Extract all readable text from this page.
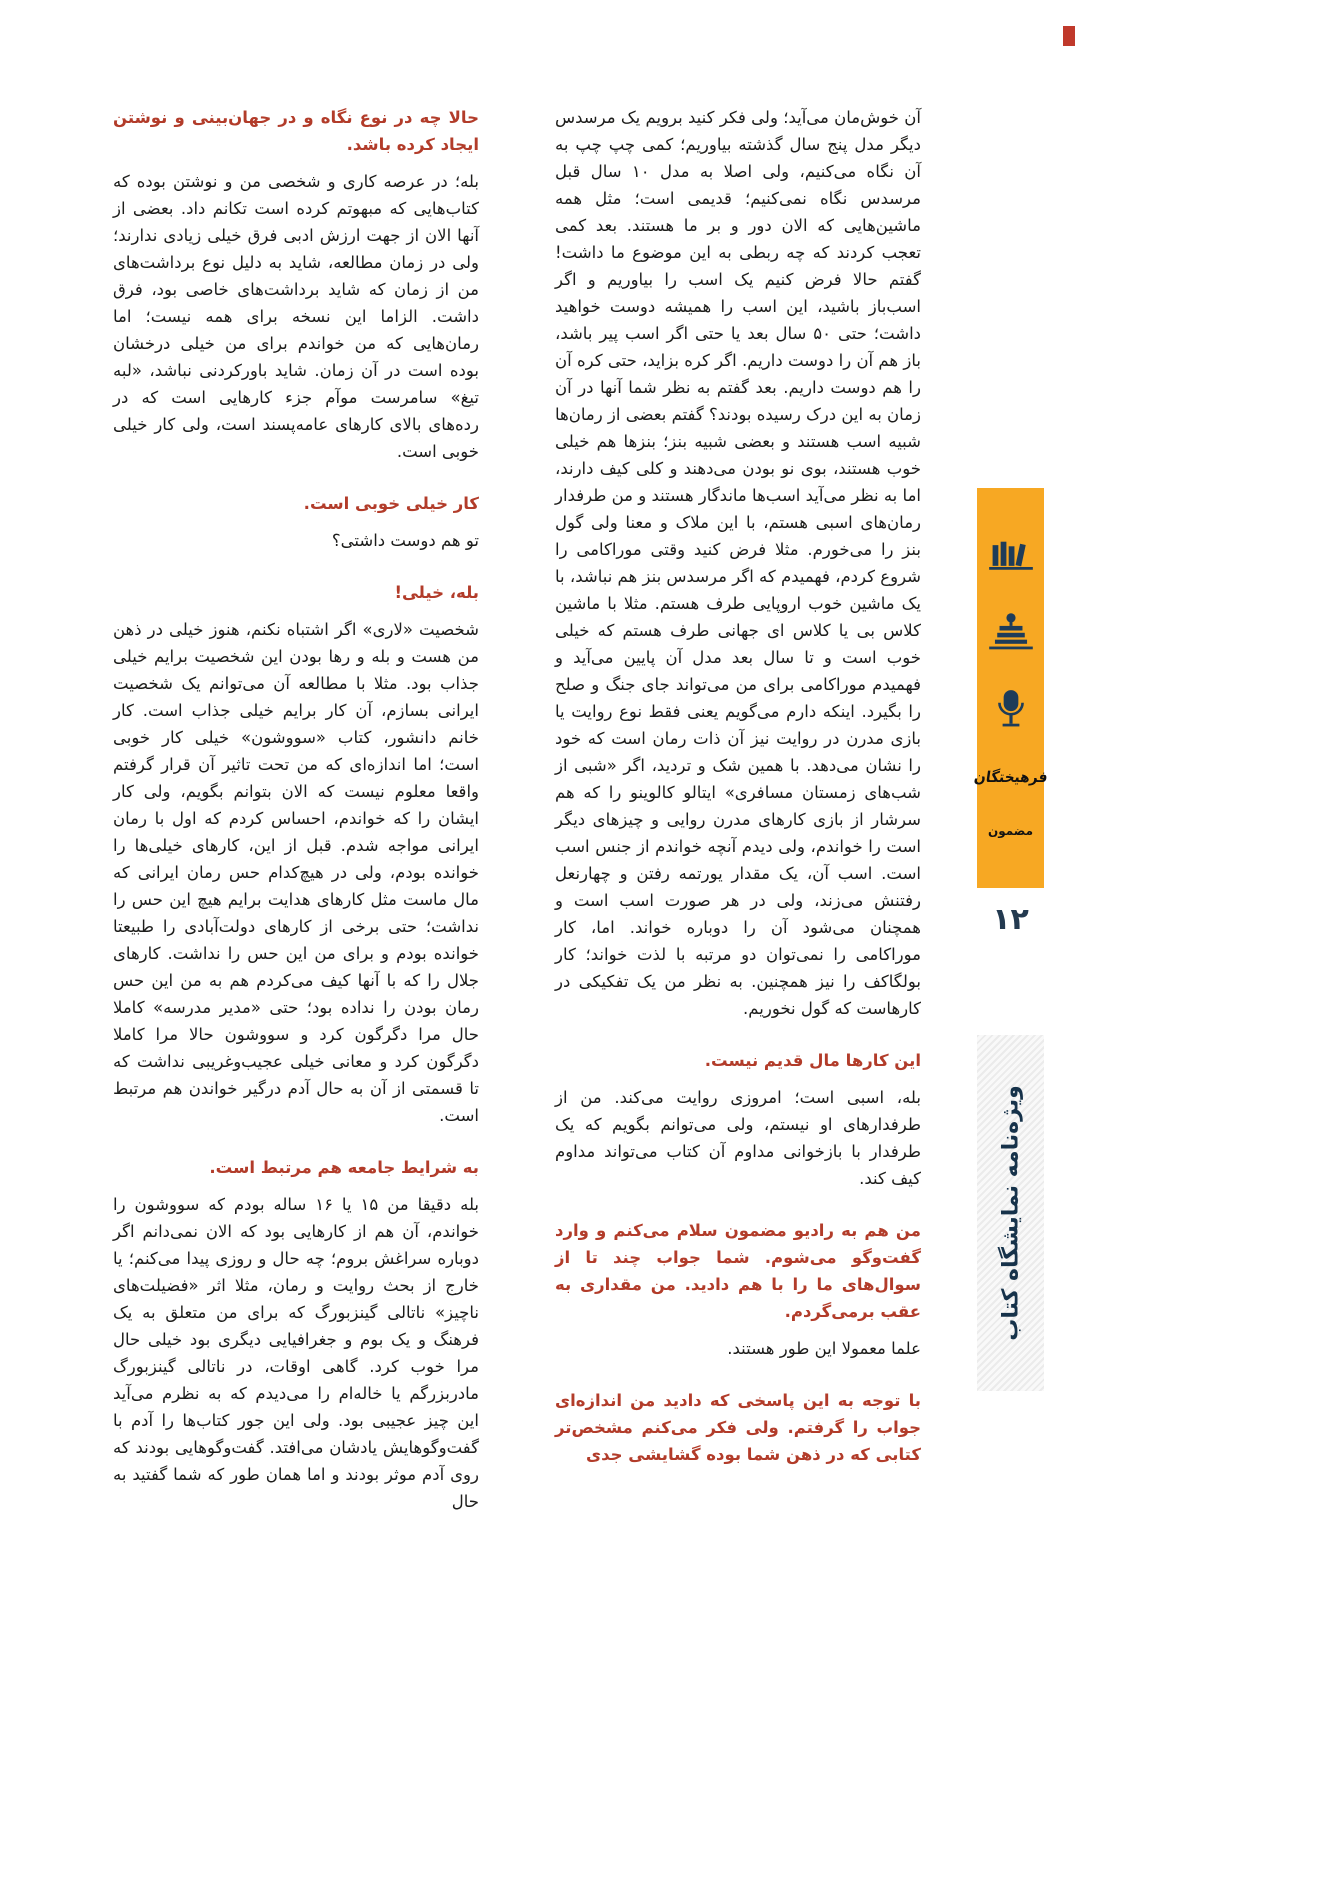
آن خوش‌مان می‌آید؛ ولی فکر کنید برویم یک مرسدس دیگر مدل پنج سال گذشته بیاوریم؛ کمی چپ چپ به آن نگاه می‌کنیم، ولی اصلا به مدل ۱۰ سال قبل مرسدس نگاه نمی‌کنیم؛ قدیمی است؛ مثل همه ماشین‌هایی که الان دور و بر ما هستند. بعد کمی تعجب کردند که چه ربطی به این موضوع ما داشت! گفتم حالا فرض کنیم یک اسب را بیاوریم و اگر اسب‌باز باشید، این اسب را همیشه دوست خواهید داشت؛ حتی ۵۰ سال بعد یا حتی اگر اسب پیر باشد، باز هم آن را دوست داریم. اگر کره بزاید، حتی کره آن را هم دوست داریم. بعد گفتم به نظر شما آنها در آن زمان به این درک رسیده بودند؟ گفتم بعضی از رمان‌ها شبیه اسب هستند و بعضی شبیه بنز؛ بنزها هم خیلی خوب هستند، بوی نو بودن می‌دهند و کلی کیف دارند، اما به نظر می‌آید اسب‌ها ماندگار هستند و من طرفدار رمان‌های اسبی هستم، با این ملاک و معنا ولی گول بنز را می‌خورم. مثلا فرض کنید وقتی موراکامی را شروع کردم، فهمیدم که اگر مرسدس بنز هم نباشد، با یک ماشین خوب اروپایی طرف هستم. مثلا با ماشین کلاس بی یا کلاس ای جهانی طرف هستم که خیلی خوب است و تا سال بعد مدل آن پایین می‌آید و فهمیدم موراکامی برای من می‌تواند جای جنگ و صلح را بگیرد. اینکه دارم می‌گویم یعنی فقط نوع روایت یا بازی مدرن در روایت نیز آن ذات رمان است که خود را نشان می‌دهد. با همین شک و تردید، اگر «شبی از شب‌های زمستان مسافری» ایتالو کالوینو را که هم سرشار از بازی کارهای مدرن روایی و چیزهای دیگر است را خواندم، ولی دیدم آنچه خواندم از جنس اسب است. اسب آن، یک مقدار یورتمه رفتن و چهارنعل رفتنش می‌زند، ولی در هر صورت اسب است و همچنان می‌شود آن را دوباره خواند. اما، کار موراکامی را نمی‌توان دو مرتبه با لذت خواند؛ کار بولگاکف را نیز همچنین. به نظر من یک تفکیکی در کارهاست که گول نخوریم.

این کارها مال قدیم نیست.

بله، اسبی است؛ امروزی روایت می‌کند. من از طرفدارهای او نیستم، ولی می‌توانم بگویم که یک طرفدار با بازخوانی مداوم آن کتاب می‌تواند مداوم کیف کند.

من هم به رادیو مضمون سلام می‌کنم و وارد گفت‌وگو می‌شوم. شما جواب چند تا از سوال‌های ما را با هم دادید. من مقداری به عقب برمی‌گردم.

علما معمولا این طور هستند.

با توجه به این پاسخی که دادید من اندازه‌ای جواب را گرفتم. ولی فکر می‌کنم مشخص‌تر کتابی که در ذهن شما بوده گشایشی جدی

حالا چه در نوع نگاه و در جهان‌بینی و نوشتن ایجاد کرده باشد.

بله؛ در عرصه کاری و شخصی من و نوشتن بوده که کتاب‌هایی که مبهوتم کرده است تکانم داد. بعضی از آنها الان از جهت ارزش ادبی فرق خیلی زیادی ندارند؛ ولی در زمان مطالعه، شاید به دلیل نوع برداشت‌های من از زمان که شاید برداشت‌های خاصی بود، فرق داشت. الزاما این نسخه برای همه نیست؛ اما رمان‌هایی که من خواندم برای من خیلی درخشان بوده است در آن زمان. شاید باورکردنی نباشد، «لبه تیغ» سامرست موآم جزء کارهایی است که در رده‌های بالای کارهای عامه‌پسند است، ولی کار خیلی خوبی است.

کار خیلی خوبی است.

تو هم دوست داشتی؟

بله، خیلی!

شخصیت «لاری» اگر اشتباه نکنم، هنوز خیلی در ذهن من هست و بله و رها بودن این شخصیت برایم خیلی جذاب بود. مثلا با مطالعه آن می‌توانم یک شخصیت ایرانی بسازم، آن کار برایم خیلی جذاب است. کار خانم دانشور، کتاب «سووشون» خیلی کار خوبی است؛ اما اندازه‌ای که من تحت تاثیر آن قرار گرفتم واقعا معلوم نیست که الان بتوانم بگویم، ولی کار ایشان را که خواندم، احساس کردم که اول با رمان ایرانی مواجه شدم. قبل از این، کارهای خیلی‌ها را خوانده بودم، ولی در هیچ‌کدام حس رمان ایرانی که مال ماست مثل کارهای هدایت برایم هیچ این حس را نداشت؛ حتی برخی از کارهای دولت‌آبادی را طبیعتا خوانده بودم و برای من این حس را نداشت. کارهای جلال را که با آنها کیف می‌کردم هم به من این حس رمان بودن را نداده بود؛ حتی «مدیر مدرسه» کاملا حال مرا دگرگون کرد و سووشون حالا مرا کاملا دگرگون کرد و معانی خیلی عجیب‌وغریبی نداشت که تا قسمتی از آن به حال آدم درگیر خواندن هم مرتبط است.

به شرایط جامعه هم مرتبط است.

بله دقیقا من ۱۵ یا ۱۶ ساله بودم که سووشون را خواندم، آن هم از کارهایی بود که الان نمی‌دانم اگر دوباره سراغش بروم؛ چه حال و روزی پیدا می‌کنم؛ یا خارج از بحث روایت و رمان، مثلا اثر «فضیلت‌های ناچیز» ناتالی گینزبورگ که برای من متعلق به یک فرهنگ و یک بوم و جغرافیایی دیگری بود خیلی حال مرا خوب کرد. گاهی اوقات، در ناتالی گینزبورگ مادربزرگم یا خاله‌ام را می‌دیدم که به نظرم می‌آید این چیز عجیبی بود. ولی این جور کتاب‌ها را آدم با گفت‌وگوهایش یادشان می‌افتد. گفت‌وگوهایی بودند که روی آدم موثر بودند و اما همان طور که شما گفتید به حال

فرهیختگان
مضمون
۱۲
ویژه‌نامه نمایشگاه کتاب
